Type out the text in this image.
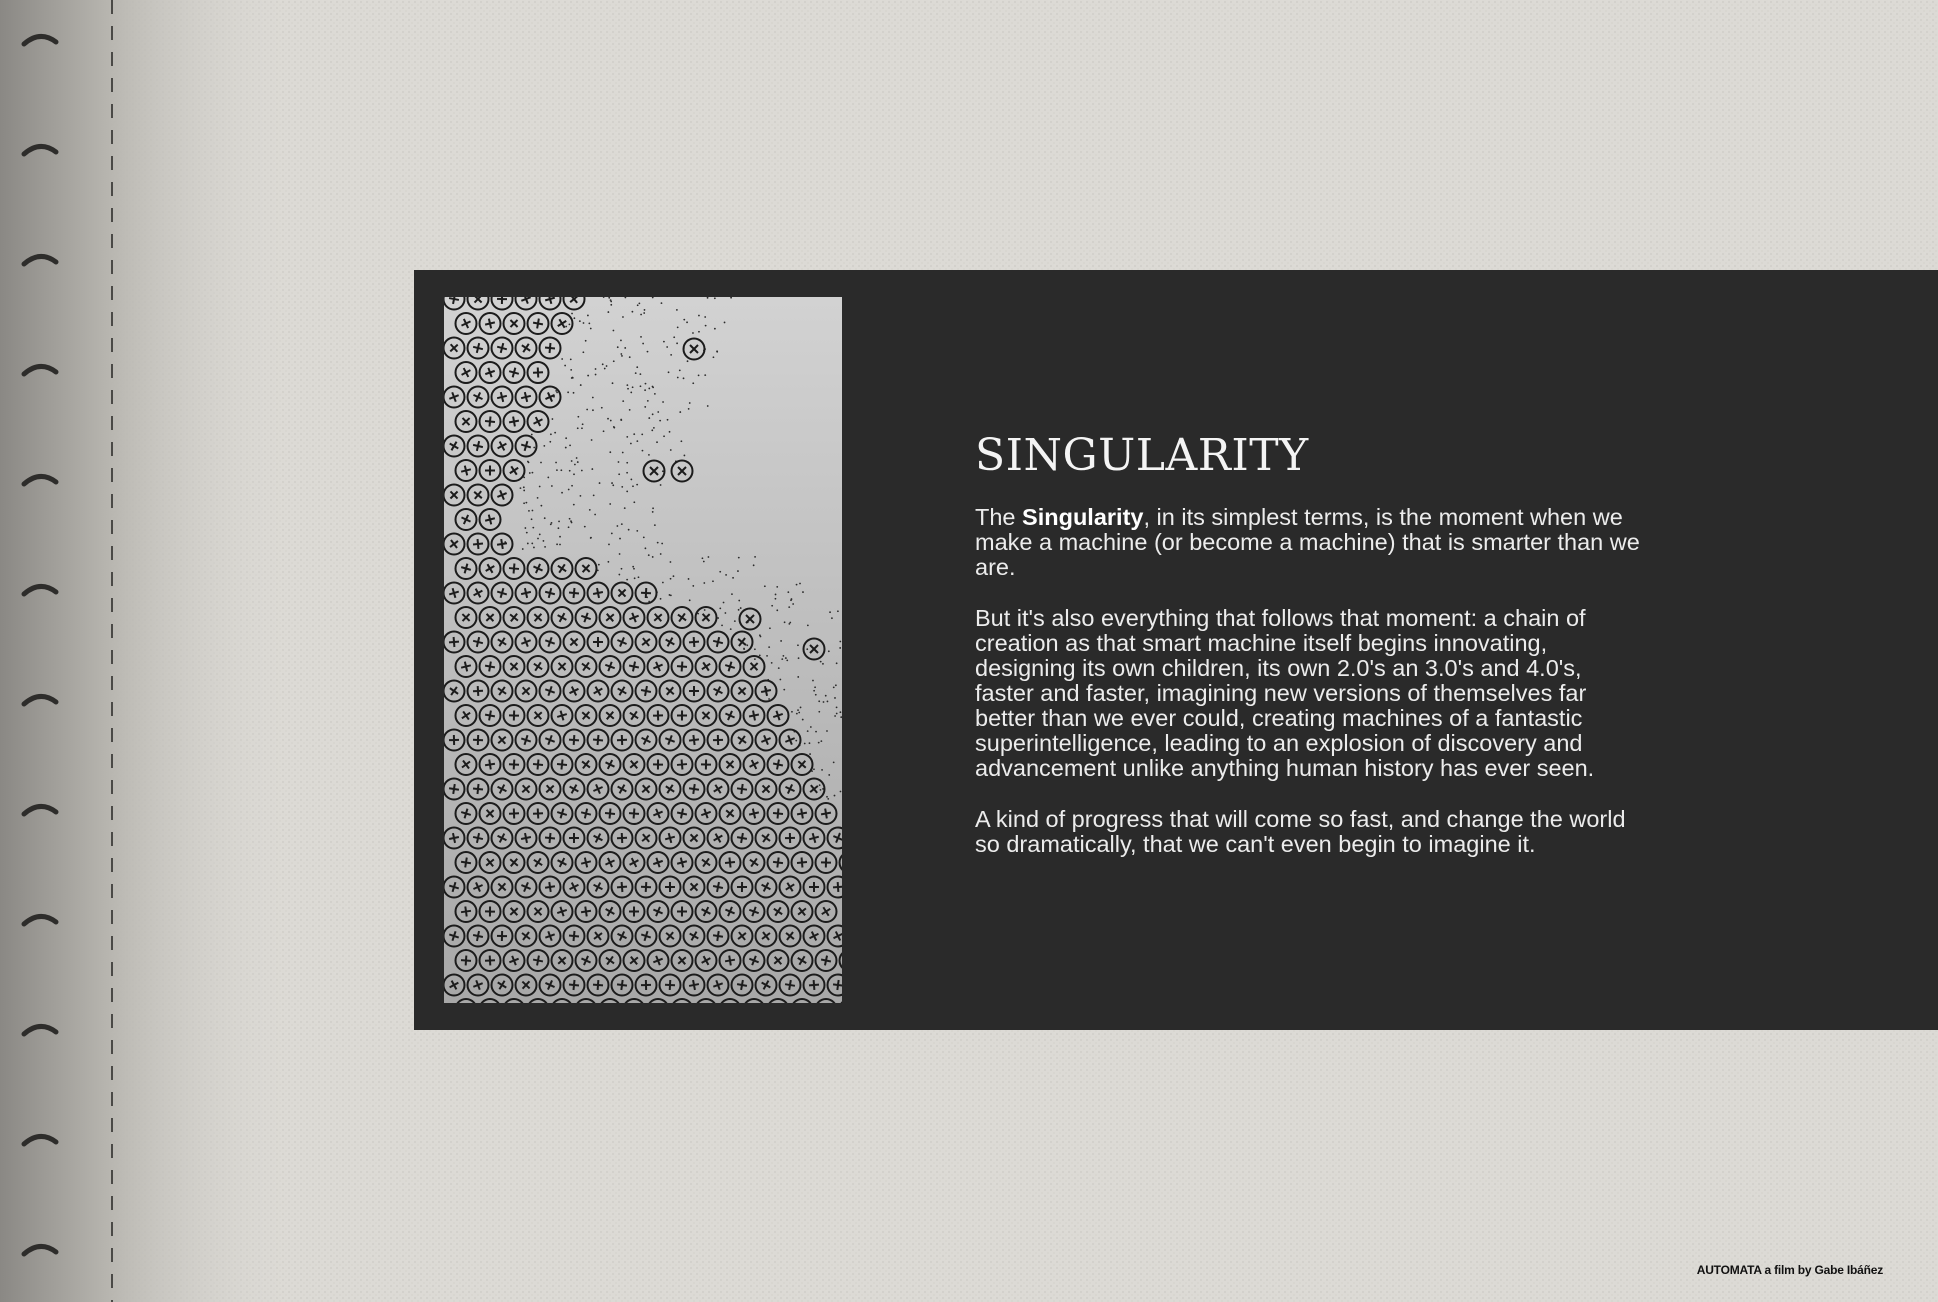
SINGULARITY

The Singularity, in its simplest terms, is the moment when we make a machine (or become a machine) that is smarter than we are.

But it's also everything that follows that moment: a chain of creation as that smart machine itself begins innovating, designing its own children, its own 2.0's an 3.0's and 4.0's, faster and faster, imagining new versions of themselves far better than we ever could, creating machines of a fantastic superintelligence, leading to an explosion of discovery and advancement unlike anything human history has ever seen.

A kind of progress that will come so fast, and change the world so dramatically, that we can't even begin to imagine it.

AUTOMATA a film by Gabe Ibáñez
